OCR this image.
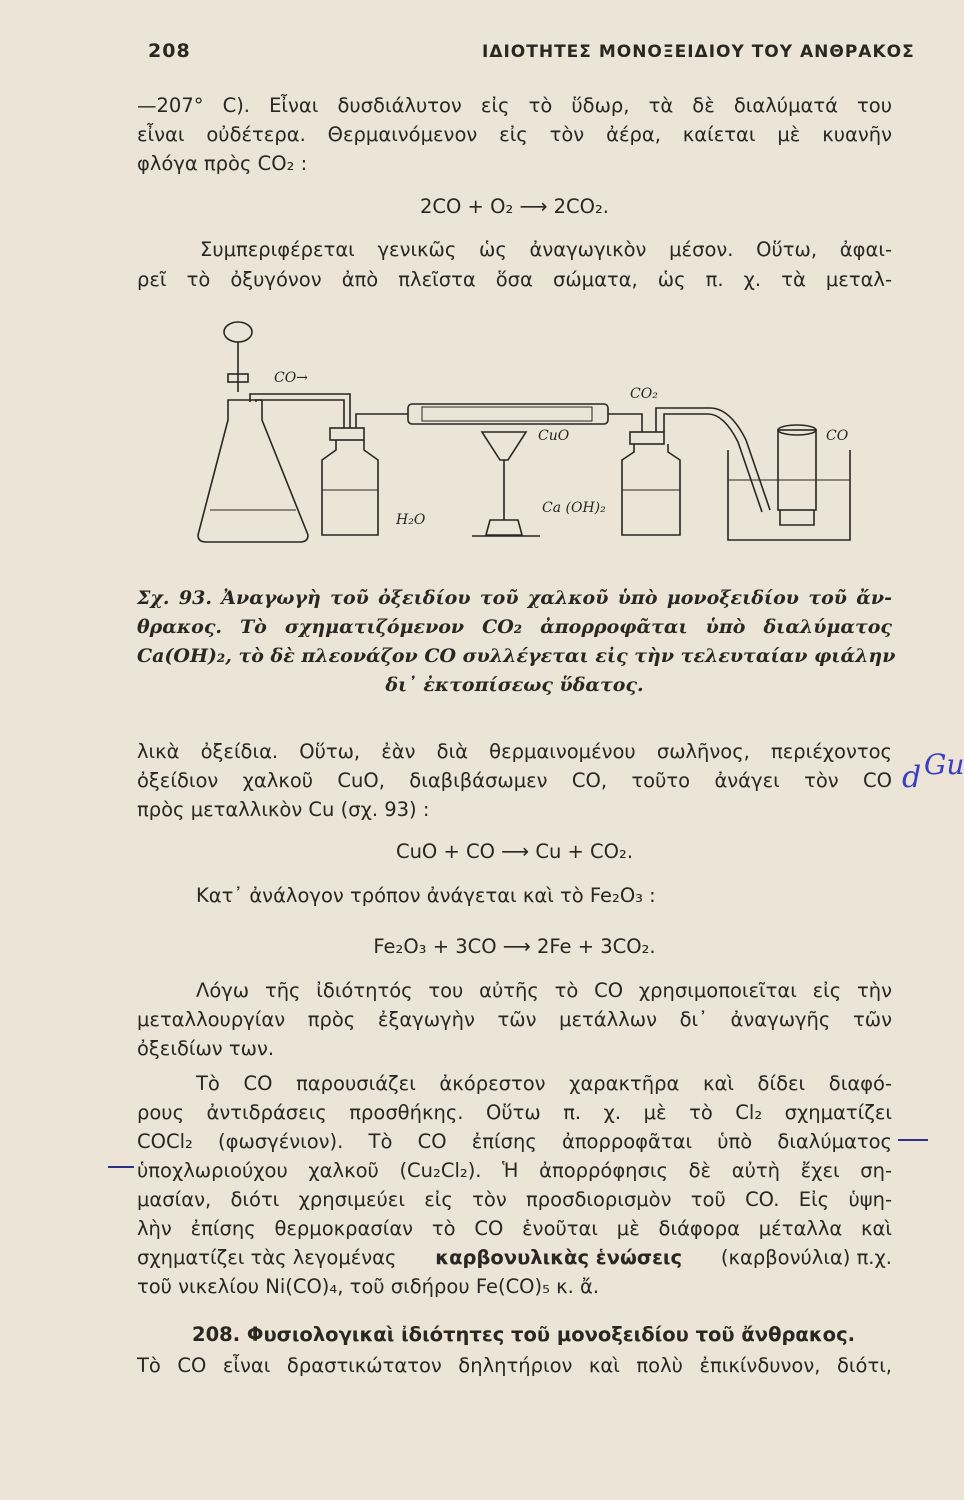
208	ΙΔΙΟΤΗΤΕΣ ΜΟΝΟΞΕΙΔΙΟΥ ΤΟΥ ΑΝΘΡΑΚΟΣ
—207° C). Εἶναι δυσδιάλυτον εἰς τὸ ὕδωρ, τὰ δὲ διαλύματά του
εἶναι οὐδέτερα. Θερμαινόμενον εἰς τὸν ἀέρα, καίεται μὲ κυανῆν
φλόγα πρὸς CO₂ :
2CO + O₂ ⟶ 2CO₂.
Συμπεριφέρεται γενικῶς ὡς ἀναγωγικὸν μέσον. Οὕτω, ἀφαι-
ρεῖ τὸ ὀξυγόνον ἀπὸ πλεῖστα ὅσα σώματα, ὡς π. χ. τὰ μεταλ-
CO→
CO₂
CuO
H₂O
Ca (OH)₂
CO
Σχ. 93. Ἀναγωγὴ τοῦ ὀξειδίου τοῦ χαλκοῦ ὑπὸ μονοξειδίου τοῦ ἄν-
θρακος. Τὸ σχηματιζόμενον CO₂ ἀπορροφᾶται ὑπὸ διαλύματος
Ca(OH)₂, τὸ δὲ πλεονάζον CO συλλέγεται εἰς τὴν τελευταίαν φιάλην
δι᾽ ἐκτοπίσεως ὕδατος.
λικὰ ὀξείδια. Οὕτω, ἐὰν διὰ θερμαινομένου σωλῆνος, περιέχοντος
ὀξείδιον χαλκοῦ CuO, διαβιβάσωμεν CO, τοῦτο ἀνάγει τὸν CO
πρὸς μεταλλικὸν Cu (σχ. 93) :
CuO + CO ⟶ Cu + CO₂.
Κατ᾽ ἀνάλογον τρόπον ἀνάγεται καὶ τὸ Fe₂O₃ :
Fe₂O₃ + 3CO ⟶ 2Fe + 3CO₂.
Λόγω τῆς ἰδιότητός του αὐτῆς τὸ CO χρησιμοποιεῖται εἰς τὴν
μεταλλουργίαν πρὸς ἐξαγωγὴν τῶν μετάλλων δι᾽ ἀναγωγῆς τῶν
ὀξειδίων των.
Τὸ CO παρουσιάζει ἀκόρεστον χαρακτῆρα καὶ δίδει διαφό-
ρους ἀντιδράσεις προσθήκης. Οὕτω π. χ. μὲ τὸ Cl₂ σχηματίζει
COCl₂ (φωσγένιον). Τὸ CO ἐπίσης ἀπορροφᾶται ὑπὸ διαλύματος
ὑποχλωριούχου χαλκοῦ (Cu₂Cl₂). Ἡ ἀπορρόφησις δὲ αὐτὴ ἔχει ση-
μασίαν, διότι χρησιμεύει εἰς τὸν προσδιορισμὸν τοῦ CO. Εἰς ὑψη-
λὴν ἐπίσης θερμοκρασίαν τὸ CO ἑνοῦται μὲ διάφορα μέταλλα καὶ
σχηματίζει τὰς λεγομένας καρβονυλικὰς ἑνώσεις (καρβονύλια) π.χ.
τοῦ νικελίου Ni(CO)₄, τοῦ σιδήρου Fe(CO)₅ κ. ἄ.
208. Φυσιολογικαὶ ἰδιότητες τοῦ μονοξειδίου τοῦ ἄνθρακος.
Τὸ CO εἶναι δραστικώτατον δηλητήριον καὶ πολὺ ἐπικίνδυνον, διότι,
d Gu
